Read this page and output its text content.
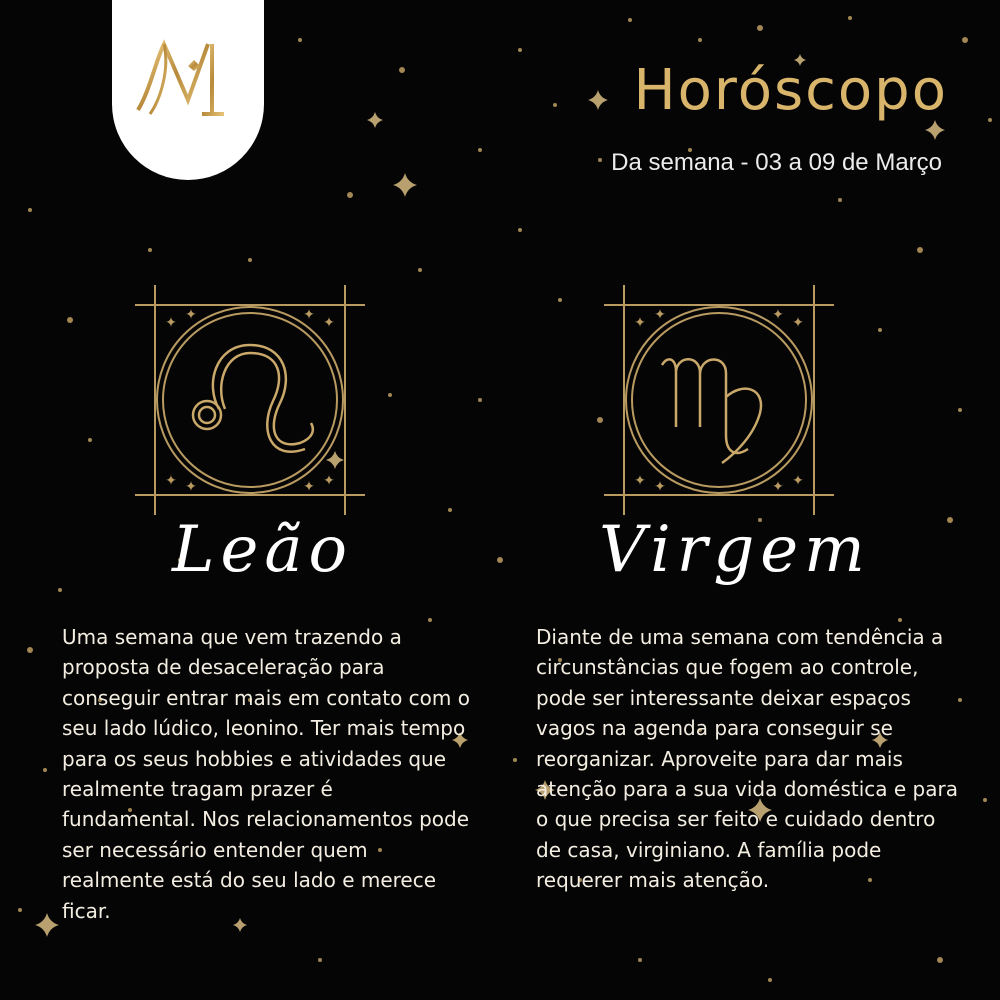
Horóscopo
Da semana - 03 a 09 de Março
✦	✦
✦	✦
✦	✦
✦	✦
✦	✦
✦	✦
✦	✦
✦	✦
Leão	Virgem

Uma semana que vem trazendo a proposta de desaceleração para conseguir entrar mais em contato com o seu lado lúdico, leonino. Ter mais tempo para os seus hobbies e atividades que realmente tragam prazer é fundamental. Nos relacionamentos pode ser necessário entender quem realmente está do seu lado e merece ficar.

Diante de uma semana com tendência a circunstâncias que fogem ao controle, pode ser interessante deixar espaços vagos na agenda para conseguir se reorganizar. Aproveite para dar mais atenção para a sua vida doméstica e para o que precisa ser feito e cuidado dentro de casa, virginiano. A família pode requerer mais atenção.
